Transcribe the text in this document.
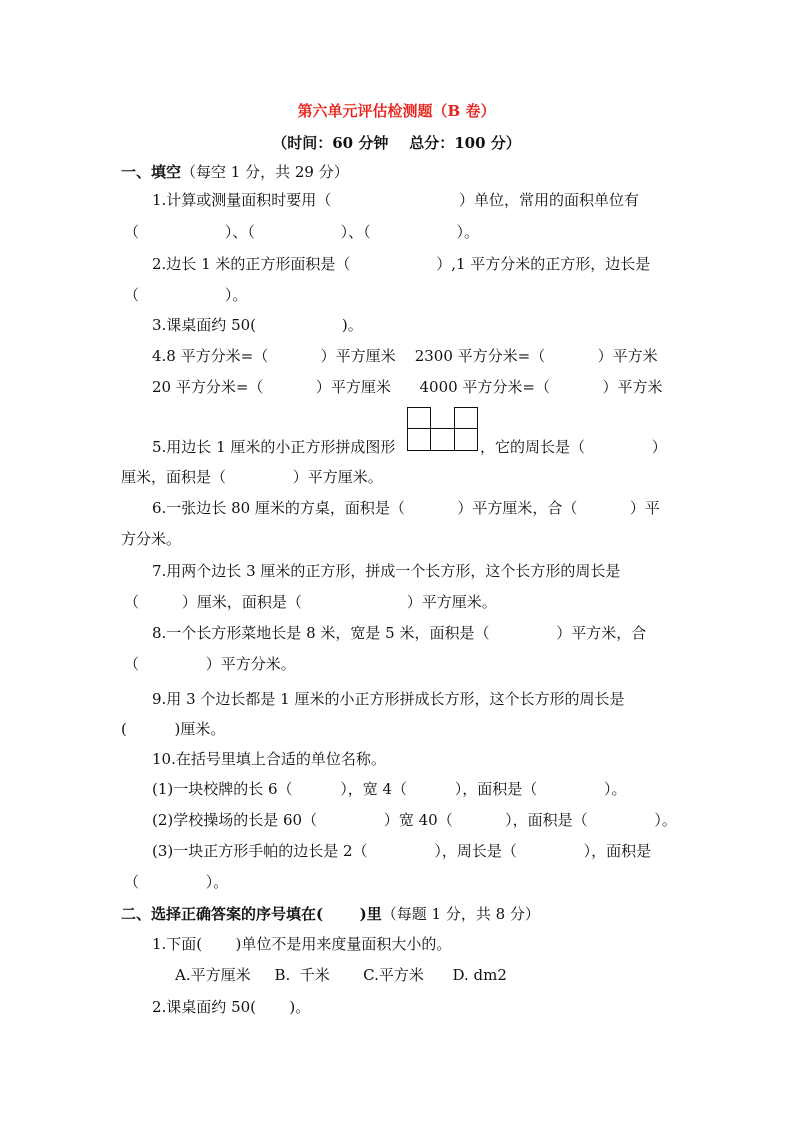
第六单元评估检测题（B 卷）
（时间：60 分钟    总分：100 分）
一、填空（每空 1 分，共 29 分）
1.计算或测量面积时要用（	）单位，常用的面积单位有
（                  ）、（                  ）、（                  ）。
2.边长 1 米的正方形面积是（                  ）,1 平方分米的正方形，边长是
（                  ）。
3.课桌面约 50(                  )。
4.8 平方分米=（           ）平方厘米    2300 平方分米=（           ）平方米
20 平方分米=（           ）平方厘米      4000 平方分米=（           ）平方米
5.用边长 1 厘米的小正方形拼成图形	，它的周长是（              ）
厘米，面积是（              ）平方厘米。
6.一张边长 80 厘米的方桌，面积是（           ）平方厘米，合（           ）平
方分米。
7.用两个边长 3 厘米的正方形，拼成一个长方形，这个长方形的周长是
（         ）厘米，面积是（                      ）平方厘米。
8.一个长方形菜地长是 8 米，宽是 5 米，面积是（              ）平方米，合
（              ）平方分米。
9.用 3 个边长都是 1 厘米的小正方形拼成长方形，这个长方形的周长是
(          )厘米。
10.在括号里填上合适的单位名称。
(1)一块校牌的长 6（          ），宽 4（          ），面积是（              ）。
(2)学校操场的长是 60（              ）宽 40（           ），面积是（              ）。
(3)一块正方形手帕的边长是 2（              ），周长是（              ），面积是
（              ）。
二、选择正确答案的序号填在(       )里（每题 1 分，共 8 分）
1.下面(       )单位不是用来度量面积大小的。
A.平方厘米     B.  千米       C.平方米      D. dm2
2.课桌面约 50(       )。
